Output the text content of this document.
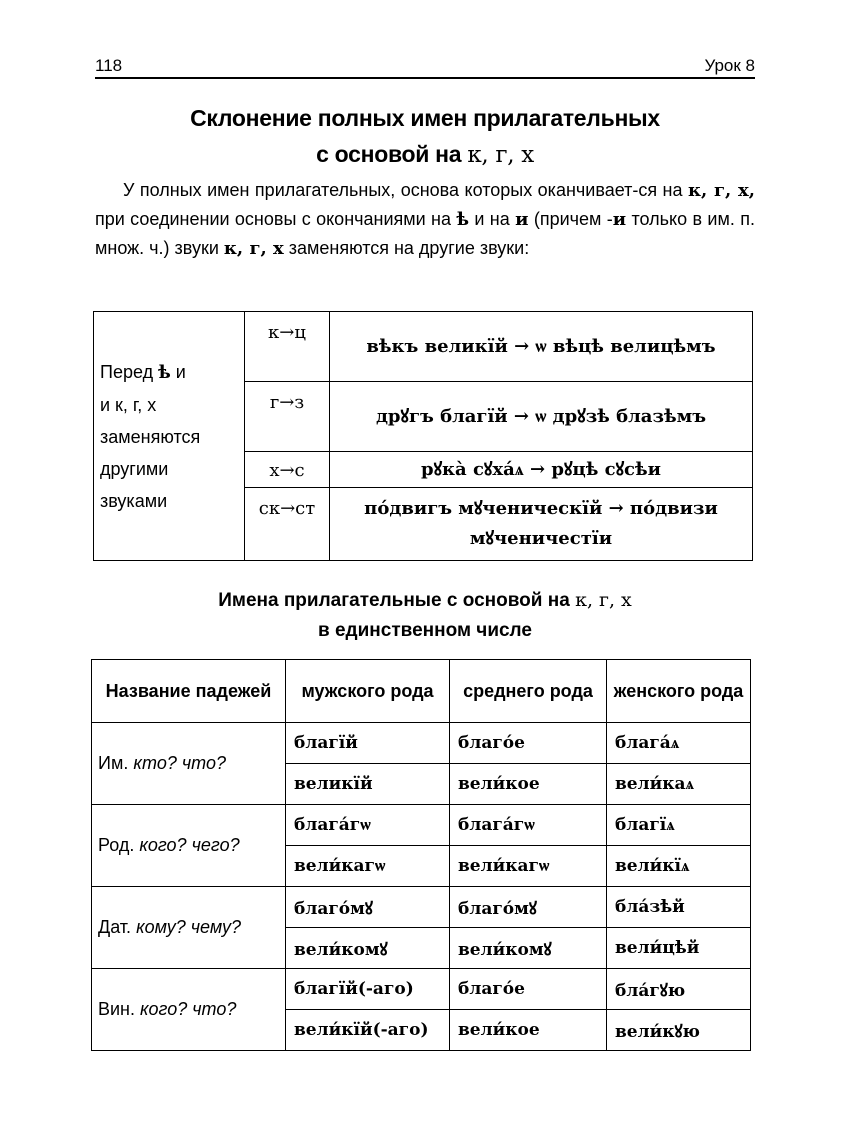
118	Урок 8
Склонение полных имен прилагательных
с основой на к, г, х

У полных имен прилагательных, основа которых оканчивает-ся на к, г, х, при соединении основы с окончаниями на ѣ и на и (причем -и только в им. п. множ. ч.) звуки к, г, х заменяются на другие звуки:

Перед ѣ и
и к, г, х
заменяются
другими
звуками	к→ц	вѣкъ великїй → ѡ вѣцѣ велицѣмъ
	г→з	дрꙋгъ благїй → ѡ дрꙋзѣ блазѣмъ
	х→с	рꙋка̀ сꙋха́ѧ → рꙋцѣ сꙋсѣи
	ск→ст	по́двигъ мꙋченическїй → по́двизи мꙋченичестїи
Имена прилагательные с основой на к, г, х
в единственном числе
Название падежей	мужского рода	среднего рода	женского рода
Им. кто? что?	благїй	благо́е	блага́ѧ
	великїй	вели́кое	вели́каѧ
Род. кого? чего?	блага́гѡ	блага́гѡ	благїѧ
	вели́кагѡ	вели́кагѡ	вели́кїѧ
Дат. кому? чему?	благо́мꙋ	благо́мꙋ	бла́зѣй
	вели́комꙋ	вели́комꙋ	вели́цѣй
Вин. кого? что?	благїй(-аго)	благо́е	бла́гꙋю
	вели́кїй(-аго)	вели́кое	вели́кꙋю
